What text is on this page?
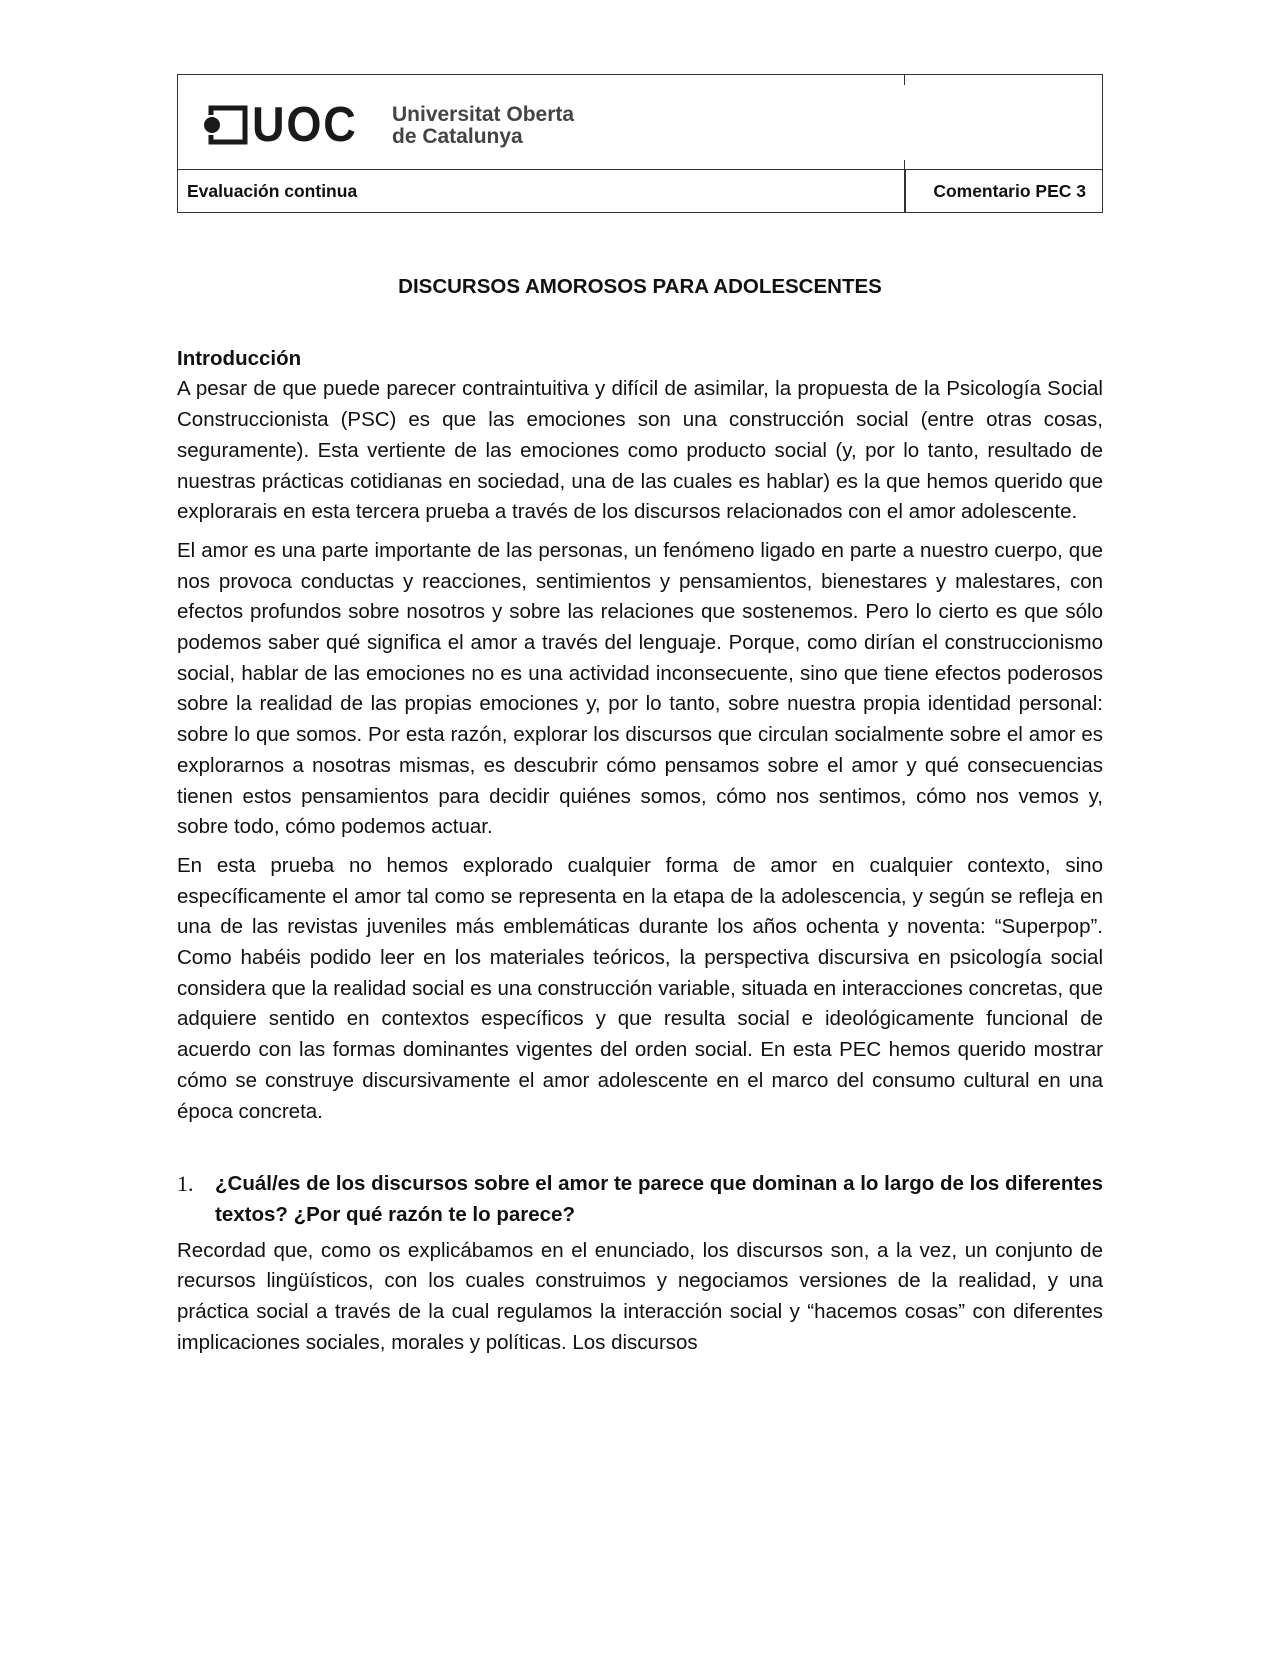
UOC Universitat Oberta
de Catalunya
Evaluación continua	Comentario PEC 3

DISCURSOS AMOROSOS PARA ADOLESCENTES

Introducción

A pesar de que puede parecer contraintuitiva y difícil de asimilar, la propuesta de la Psicología Social Construccionista (PSC) es que las emociones son una construcción social (entre otras cosas, seguramente). Esta vertiente de las emociones como producto social (y, por lo tanto, resultado de nuestras prácticas cotidianas en sociedad, una de las cuales es hablar) es la que hemos querido que explorarais en esta tercera prueba a través de los discursos relacionados con el amor adolescente.

El amor es una parte importante de las personas, un fenómeno ligado en parte a nuestro cuerpo, que nos provoca conductas y reacciones, sentimientos y pensamientos, bienestares y malestares, con efectos profundos sobre nosotros y sobre las relaciones que sostenemos. Pero lo cierto es que sólo podemos saber qué significa el amor a través del lenguaje. Porque, como dirían el construccionismo social, hablar de las emociones no es una actividad inconsecuente, sino que tiene efectos poderosos sobre la realidad de las propias emociones y, por lo tanto, sobre nuestra propia identidad personal: sobre lo que somos. Por esta razón, explorar los discursos que circulan socialmente sobre el amor es explorarnos a nosotras mismas, es descubrir cómo pensamos sobre el amor y qué consecuencias tienen estos pensamientos para decidir quiénes somos, cómo nos sentimos, cómo nos vemos y, sobre todo, cómo podemos actuar.

En esta prueba no hemos explorado cualquier forma de amor en cualquier contexto, sino específicamente el amor tal como se representa en la etapa de la adolescencia, y según se refleja en una de las revistas juveniles más emblemáticas durante los años ochenta y noventa: “Superpop”. Como habéis podido leer en los materiales teóricos, la perspectiva discursiva en psicología social considera que la realidad social es una construcción variable, situada en interacciones concretas, que adquiere sentido en contextos específicos y que resulta social e ideológicamente funcional de acuerdo con las formas dominantes vigentes del orden social. En esta PEC hemos querido mostrar cómo se construye discursivamente el amor adolescente en el marco del consumo cultural en una época concreta.

1.	¿Cuál/es de los discursos sobre el amor te parece que dominan a lo largo de los diferentes textos? ¿Por qué razón te lo parece?

Recordad que, como os explicábamos en el enunciado, los discursos son, a la vez, un conjunto de recursos lingüísticos, con los cuales construimos y negociamos versiones de la realidad, y una práctica social a través de la cual regulamos la interacción social y “hacemos cosas” con diferentes implicaciones sociales, morales y políticas. Los discursos
